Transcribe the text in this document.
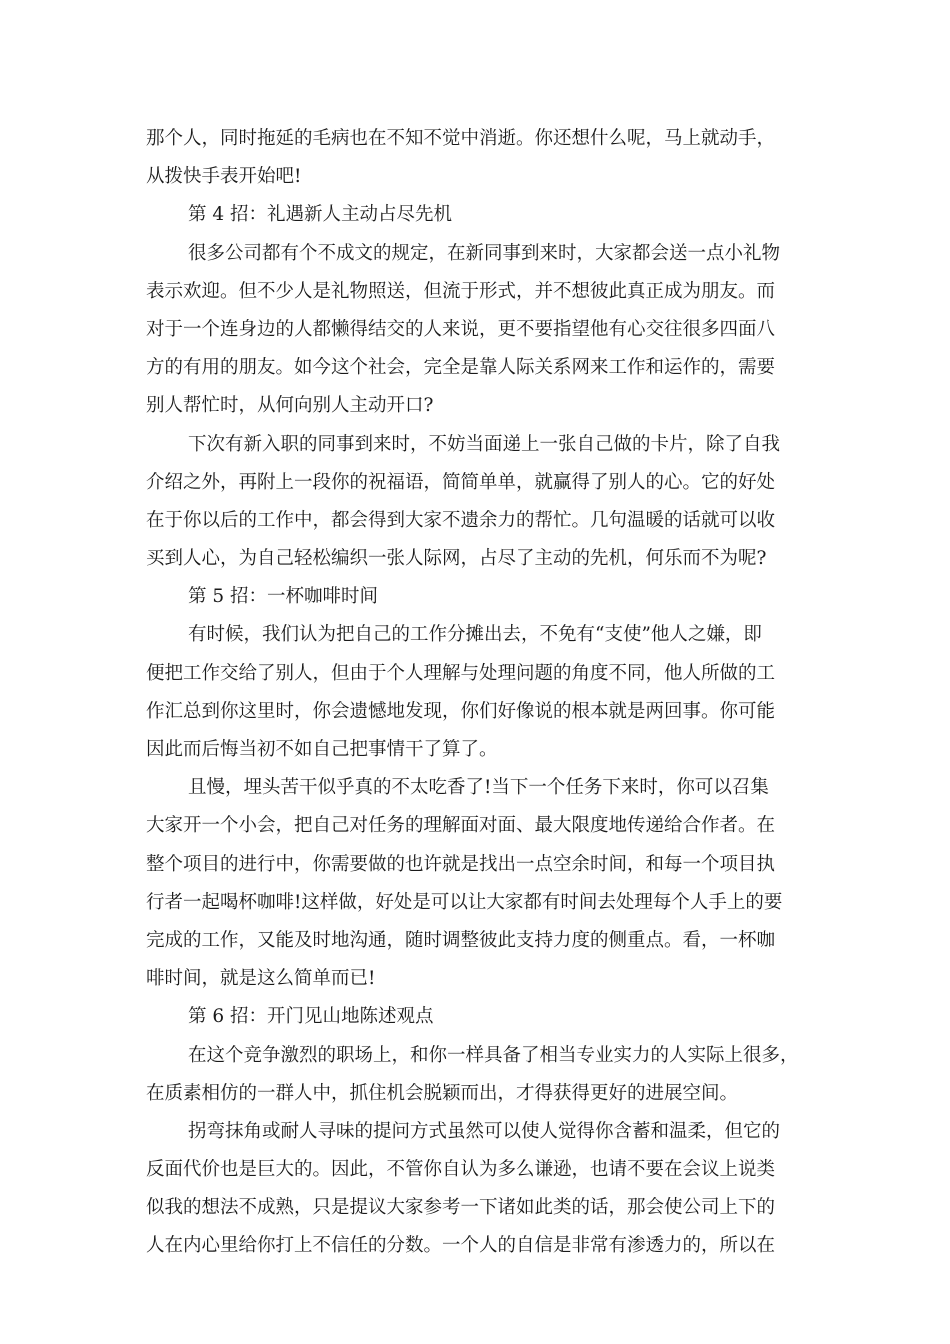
那个人，同时拖延的毛病也在不知不觉中消逝。你还想什么呢，马上就动手，
从拨快手表开始吧!
第 4 招：礼遇新人主动占尽先机
很多公司都有个不成文的规定，在新同事到来时，大家都会送一点小礼物
表示欢迎。但不少人是礼物照送，但流于形式，并不想彼此真正成为朋友。而
对于一个连身边的人都懒得结交的人来说，更不要指望他有心交往很多四面八
方的有用的朋友。如今这个社会，完全是靠人际关系网来工作和运作的，需要
别人帮忙时，从何向别人主动开口?
下次有新入职的同事到来时，不妨当面递上一张自己做的卡片，除了自我
介绍之外，再附上一段你的祝福语，简简单单，就赢得了别人的心。它的好处
在于你以后的工作中，都会得到大家不遗余力的帮忙。几句温暖的话就可以收
买到人心，为自己轻松编织一张人际网，占尽了主动的先机，何乐而不为呢?
第 5 招：一杯咖啡时间
有时候，我们认为把自己的工作分摊出去，不免有“支使”他人之嫌，即
便把工作交给了别人，但由于个人理解与处理问题的角度不同，他人所做的工
作汇总到你这里时，你会遗憾地发现，你们好像说的根本就是两回事。你可能
因此而后悔当初不如自己把事情干了算了。
且慢，埋头苦干似乎真的不太吃香了!当下一个任务下来时，你可以召集
大家开一个小会，把自己对任务的理解面对面、最大限度地传递给合作者。在
整个项目的进行中，你需要做的也许就是找出一点空余时间，和每一个项目执
行者一起喝杯咖啡!这样做，好处是可以让大家都有时间去处理每个人手上的要
完成的工作，又能及时地沟通，随时调整彼此支持力度的侧重点。看，一杯咖
啡时间，就是这么简单而已!
第 6 招：开门见山地陈述观点
在这个竞争激烈的职场上，和你一样具备了相当专业实力的人实际上很多，
在质素相仿的一群人中，抓住机会脱颖而出，才得获得更好的进展空间。
拐弯抹角或耐人寻味的提问方式虽然可以使人觉得你含蓄和温柔，但它的
反面代价也是巨大的。因此，不管你自认为多么谦逊，也请不要在会议上说类
似我的想法不成熟，只是提议大家参考一下诸如此类的话，那会使公司上下的
人在内心里给你打上不信任的分数。一个人的自信是非常有渗透力的，所以在
